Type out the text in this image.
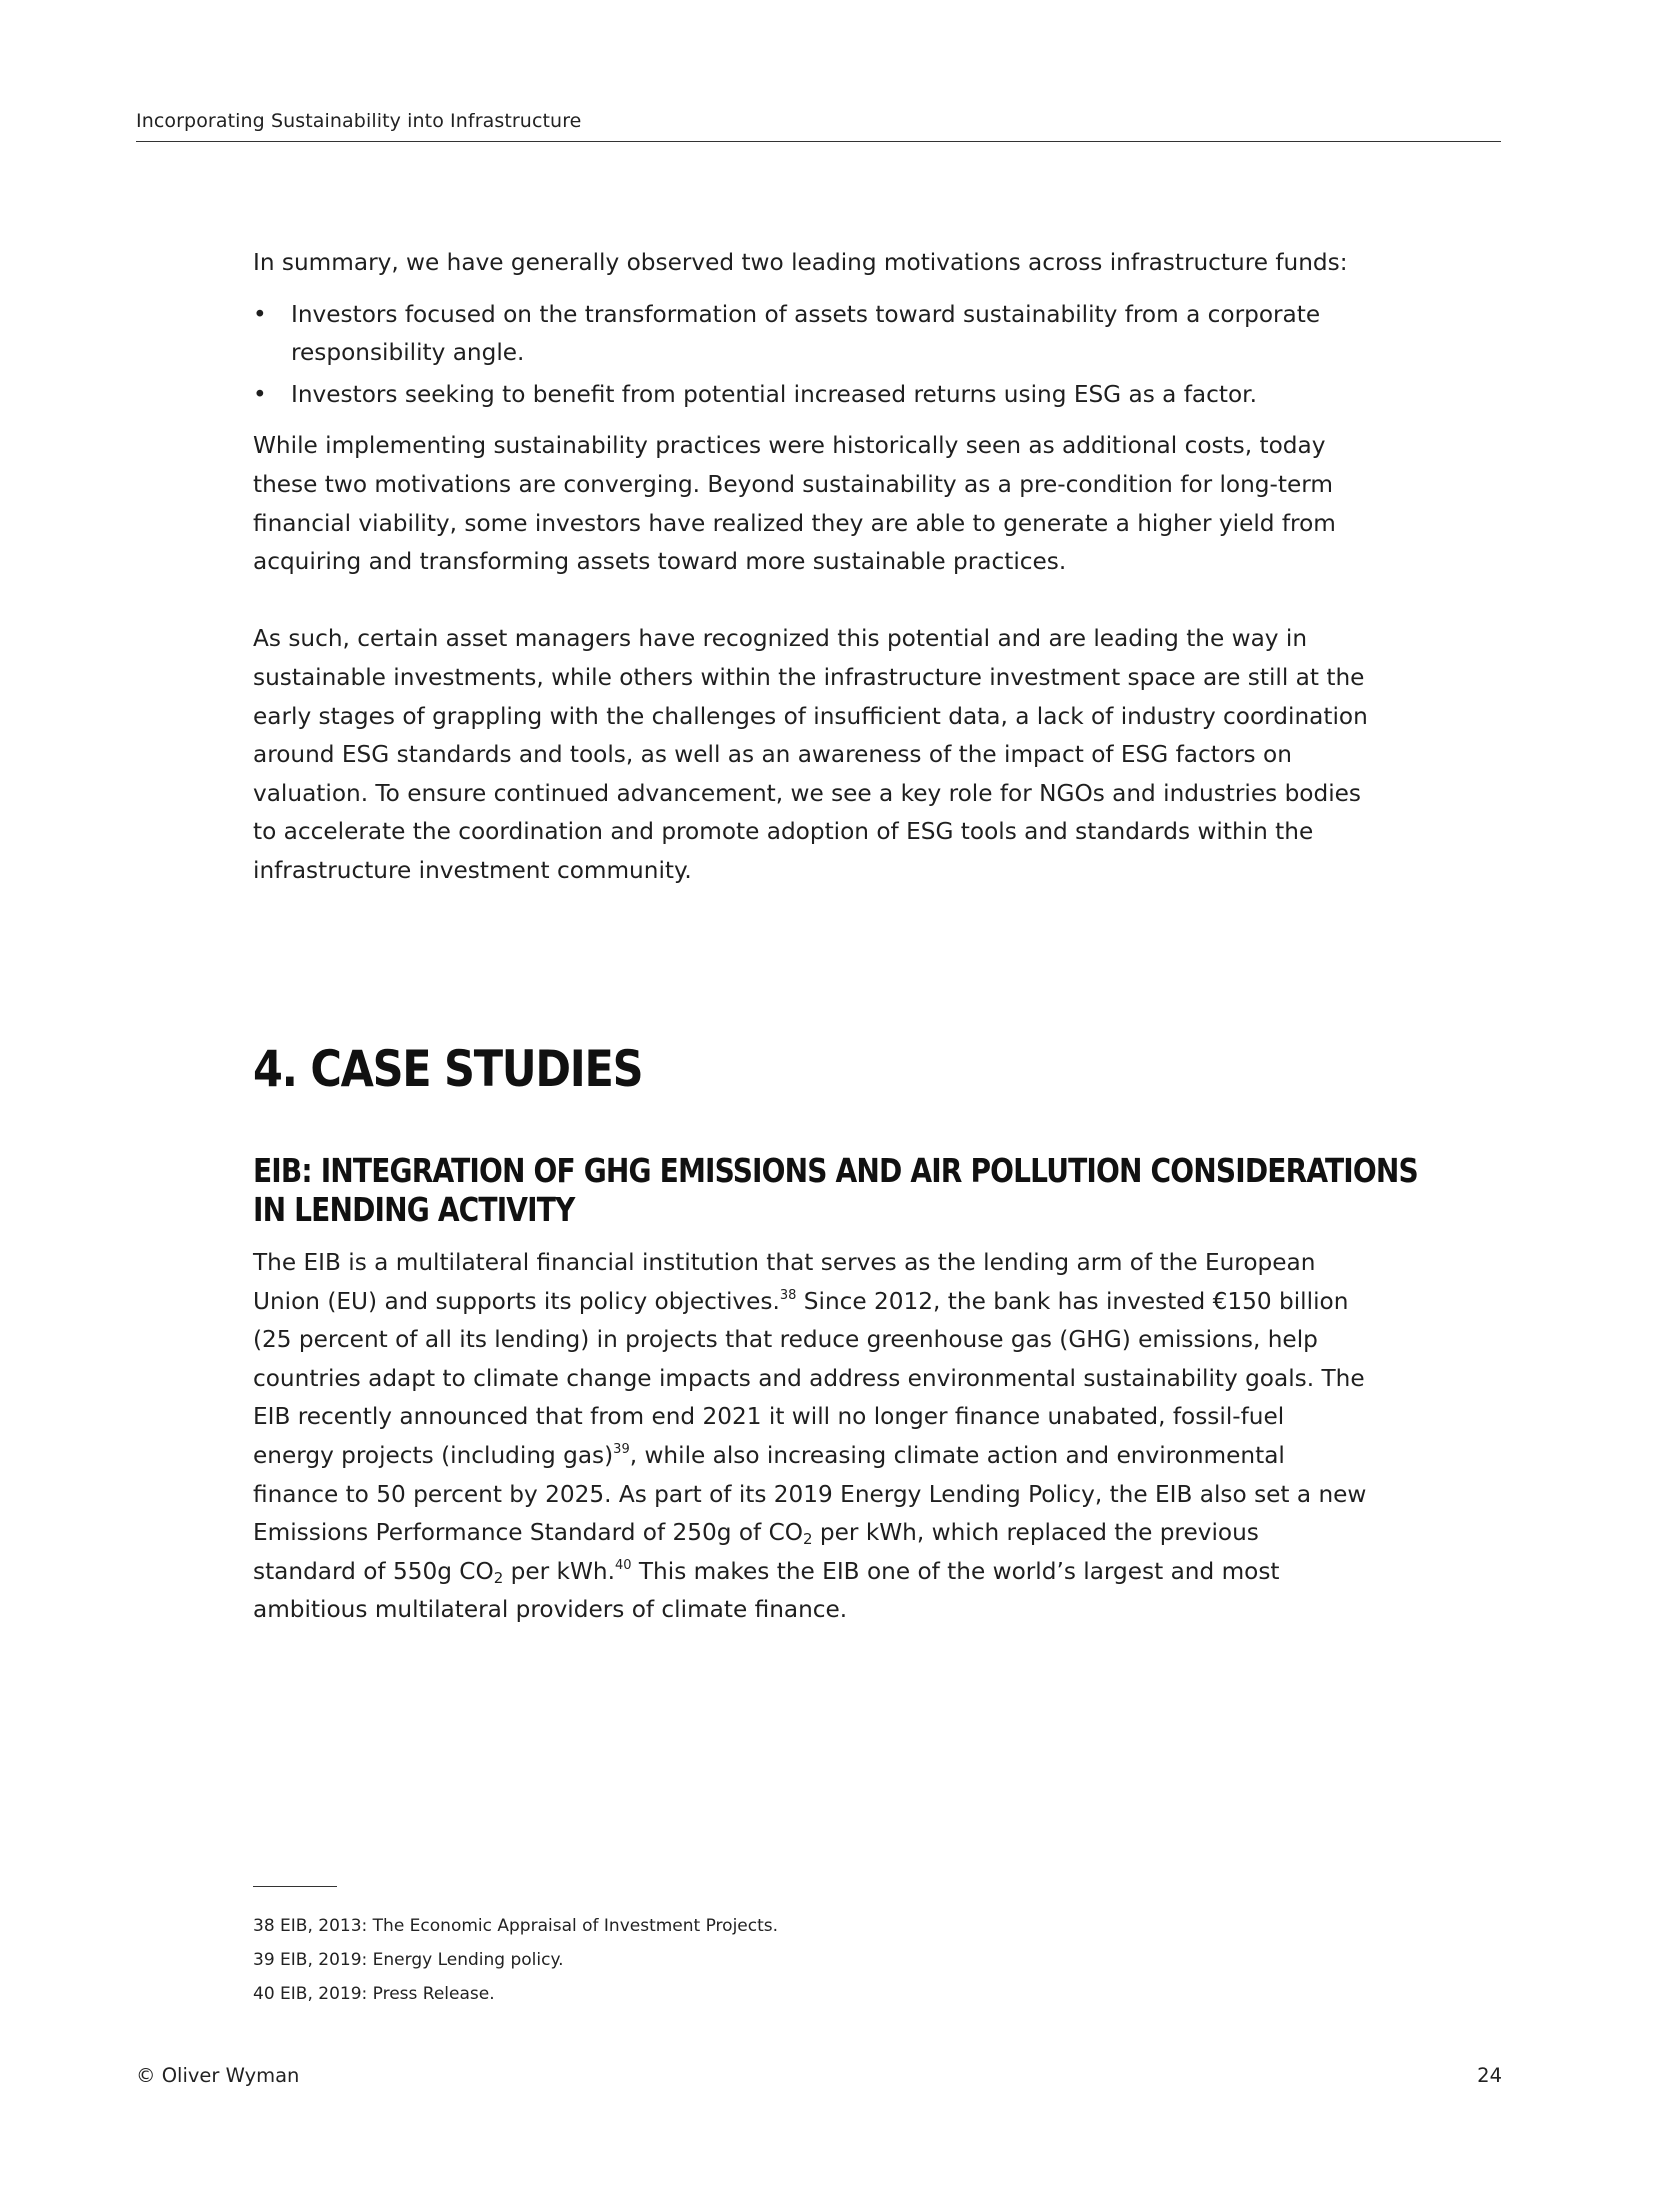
Incorporating Sustainability into Infrastructure

In summary, we have generally observed two leading motivations across infrastructure funds:

• Investors focused on the transformation of assets toward sustainability from a corporate responsibility angle.
• Investors seeking to benefit from potential increased returns using ESG as a factor.

While implementing sustainability practices were historically seen as additional costs, today these two motivations are converging. Beyond sustainability as a pre-condition for long-term financial viability, some investors have realized they are able to generate a higher yield from acquiring and transforming assets toward more sustainable practices.

As such, certain asset managers have recognized this potential and are leading the way in sustainable investments, while others within the infrastructure investment space are still at the early stages of grappling with the challenges of insufficient data, a lack of industry coordination around ESG standards and tools, as well as an awareness of the impact of ESG factors on valuation. To ensure continued advancement, we see a key role for NGOs and industries bodies to accelerate the coordination and promote adoption of ESG tools and standards within the infrastructure investment community.

4. CASE STUDIES
EIB: INTEGRATION OF GHG EMISSIONS AND AIR POLLUTION CONSIDERATIONS
IN LENDING ACTIVITY

The EIB is a multilateral financial institution that serves as the lending arm of the European Union (EU) and supports its policy objectives.$^{38}$ Since 2012, the bank has invested €150 billion (25 percent of all its lending) in projects that reduce greenhouse gas (GHG) emissions, help countries adapt to climate change impacts and address environmental sustainability goals. The EIB recently announced that from end 2021 it will no longer finance unabated, fossil-fuel energy projects (including gas)$^{39}$, while also increasing climate action and environmental finance to 50 percent by 2025. As part of its 2019 Energy Lending Policy, the EIB also set a new Emissions Performance Standard of 250g of $CO_2$ per kWh, which replaced the previous standard of 550g $CO_2$ per kWh.$^{40}$ This makes the EIB one of the world’s largest and most ambitious multilateral providers of climate finance.

38 EIB, 2013: The Economic Appraisal of Investment Projects.
39 EIB, 2019: Energy Lending policy.
40 EIB, 2019: Press Release.
© Oliver Wyman	24
